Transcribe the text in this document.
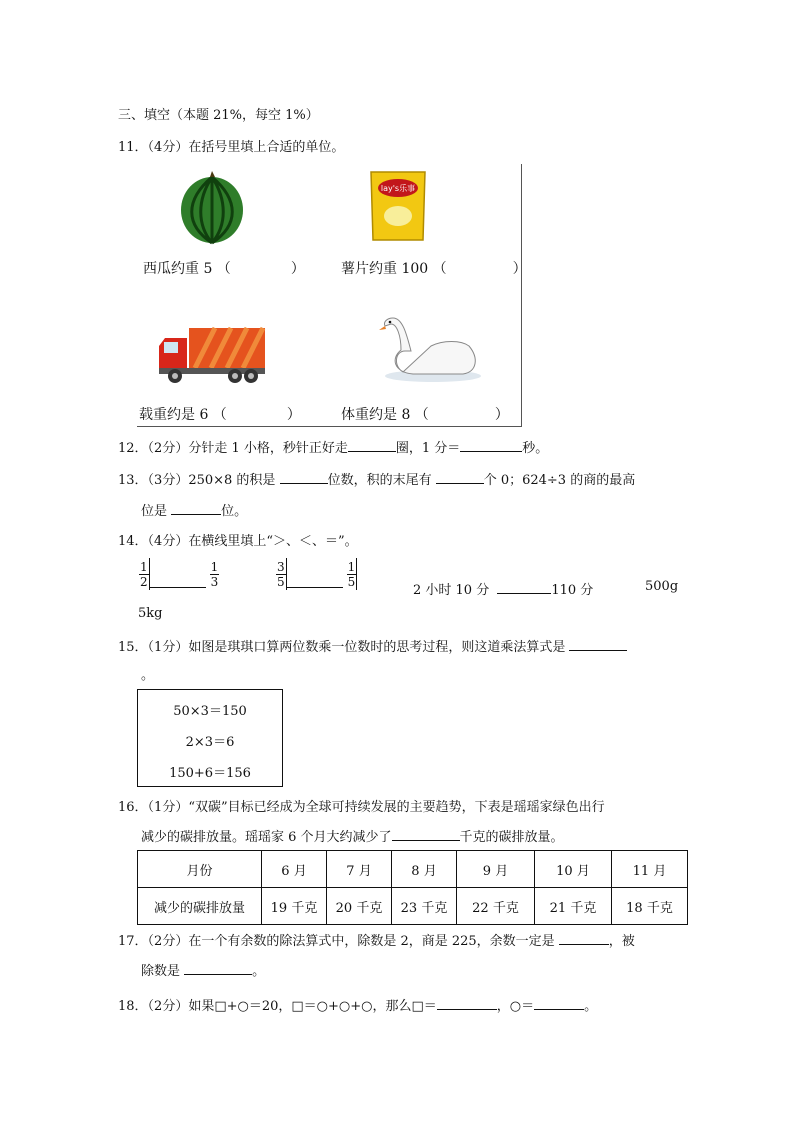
三、填空（本题 21%，每空 1%）
11．（4分）在括号里填上合适的单位。
lay's乐事
西瓜约重 5 （	）	薯片约重 100 （	）
载重约是 6 （	）	体重约是 8 （	）
12．（2分）分针走 1 小格，秒针正好走	圈，1 分＝	秒。
13．（3分）250×8 的积是	位数，积的末尾有	个 0；624÷3 的商的最高
位是	位。
14．（4分）在横线里填上“＞、＜、＝”。
$\frac{1}{2}$	$\frac{1}{3}$	$\frac{3}{5}$	$\frac{1}{5}$
2 小时 10 分	110 分	500g
5kg
15．（1分）如图是琪琪口算两位数乘一位数时的思考过程，则这道乘法算式是
。
50×3＝150
2×3＝6
150+6＝156
16．（1分）“双碳”目标已经成为全球可持续发展的主要趋势，下表是瑶瑶家绿色出行
减少的碳排放量。瑶瑶家 6 个月大约减少了	千克的碳排放量。
月份	6 月	7 月	8 月	9 月	10 月	11 月
减少的碳排放量	19 千克	20 千克	23 千克	22 千克	21 千克	18 千克
17．（2分）在一个有余数的除法算式中，除数是 2，商是 225，余数一定是	，被
除数是	。
18．（2分）如果□+○＝20，□＝○+○+○，那么□＝	，○＝	。
